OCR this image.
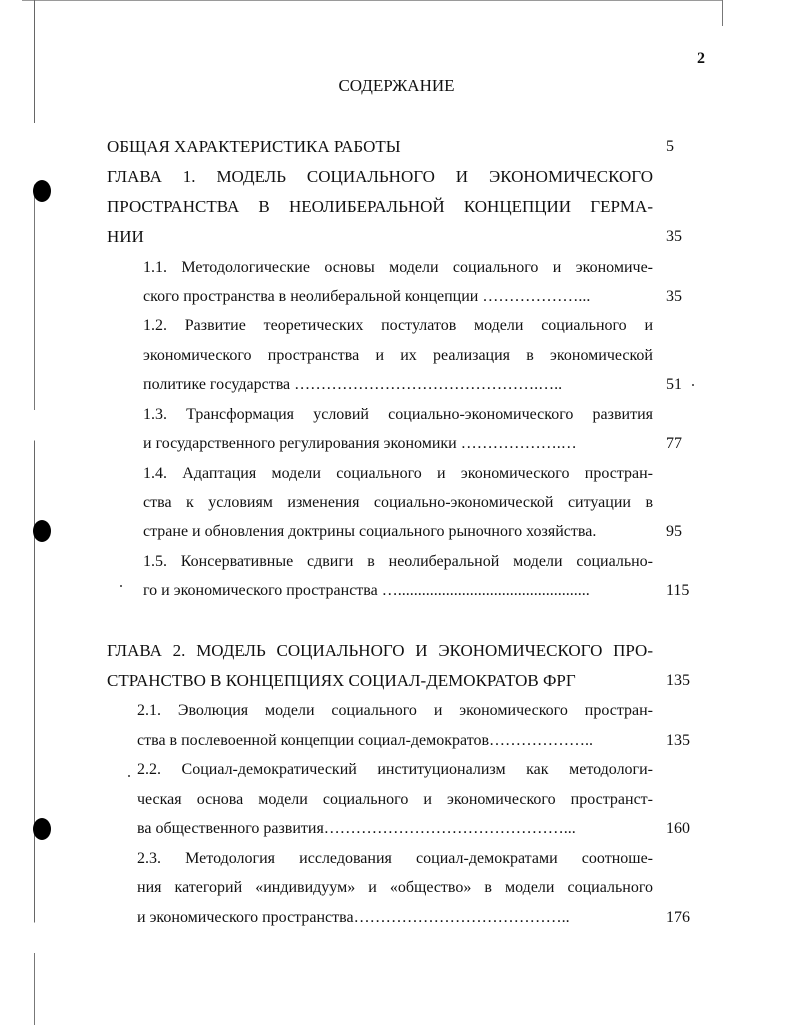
2
СОДЕРЖАНИЕ
ОБЩАЯ ХАРАКТЕРИСТИКА РАБОТЫ	5
ГЛАВА 1. МОДЕЛЬ СОЦИАЛЬНОГО И ЭКОНОМИЧЕСКОГО
ПРОСТРАНСТВА В НЕОЛИБЕРАЛЬНОЙ КОНЦЕПЦИИ ГЕРМА-
НИИ	35
1.1. Методологические основы модели социального и экономиче-
ского пространства в неолиберальной концепции ………………...	35
1.2. Развитие теоретических постулатов модели социального и
экономического пространства и их реализация в экономической
политике государства ……………………………………….…..	51
1.3. Трансформация условий социально-экономического развития
и государственного регулирования экономики ……………….…	77
1.4. Адаптация модели социального и экономического простран-
ства к условиям изменения социально-экономической ситуации в
стране и обновления доктрины социального рыночного хозяйства.	95
1.5. Консервативные сдвиги в неолиберальной модели социально-
го и экономического пространства …................................................	115
ГЛАВА 2. МОДЕЛЬ СОЦИАЛЬНОГО И ЭКОНОМИЧЕСКОГО ПРО-
СТРАНСТВО В КОНЦЕПЦИЯХ СОЦИАЛ-ДЕМОКРАТОВ ФРГ	135
2.1. Эволюция модели социального и экономического простран-
ства в послевоенной концепции социал-демократов………………..	135
2.2. Социал-демократический институционализм как методологи-
ческая основа модели социального и экономического пространст-
ва общественного развития………………………………………...	160
2.3. Методология исследования социал-демократами соотноше-
ния категорий «индивидуум» и «общество» в модели социального
и экономического пространства…………………………………..	176
